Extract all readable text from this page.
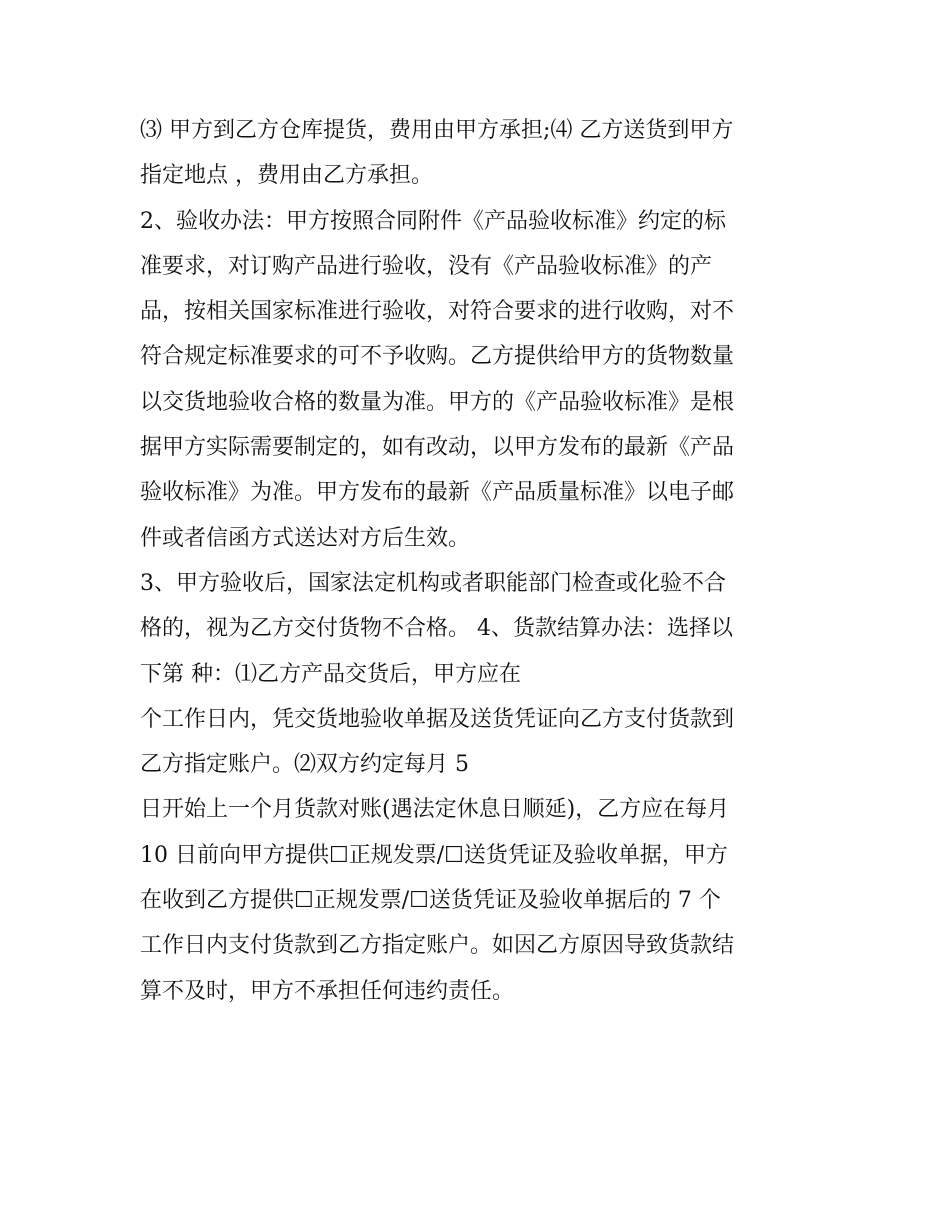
⑶ 甲方到乙方仓库提货，费用由甲方承担;⑷ 乙方送货到甲方
指定地点 ，费用由乙方承担。
2、验收办法：甲方按照合同附件《产品验收标准》约定的标
准要求，对订购产品进行验收，没有《产品验收标准》的产
品，按相关国家标准进行验收，对符合要求的进行收购，对不
符合规定标准要求的可不予收购。乙方提供给甲方的货物数量
以交货地验收合格的数量为准。甲方的《产品验收标准》是根
据甲方实际需要制定的，如有改动，以甲方发布的最新《产品
验收标准》为准。甲方发布的最新《产品质量标准》以电子邮
件或者信函方式送达对方后生效。
3、甲方验收后，国家法定机构或者职能部门检查或化验不合
格的，视为乙方交付货物不合格。 4、货款结算办法：选择以
下第 种：⑴乙方产品交货后，甲方应在
个工作日内，凭交货地验收单据及送货凭证向乙方支付货款到
乙方指定账户。⑵双方约定每月 5
日开始上一个月货款对账(遇法定休息日顺延)，乙方应在每月
10 日前向甲方提供☐正规发票/☐送货凭证及验收单据，甲方
在收到乙方提供☐正规发票/☐送货凭证及验收单据后的 7 个
工作日内支付货款到乙方指定账户。如因乙方原因导致货款结
算不及时，甲方不承担任何违约责任。
